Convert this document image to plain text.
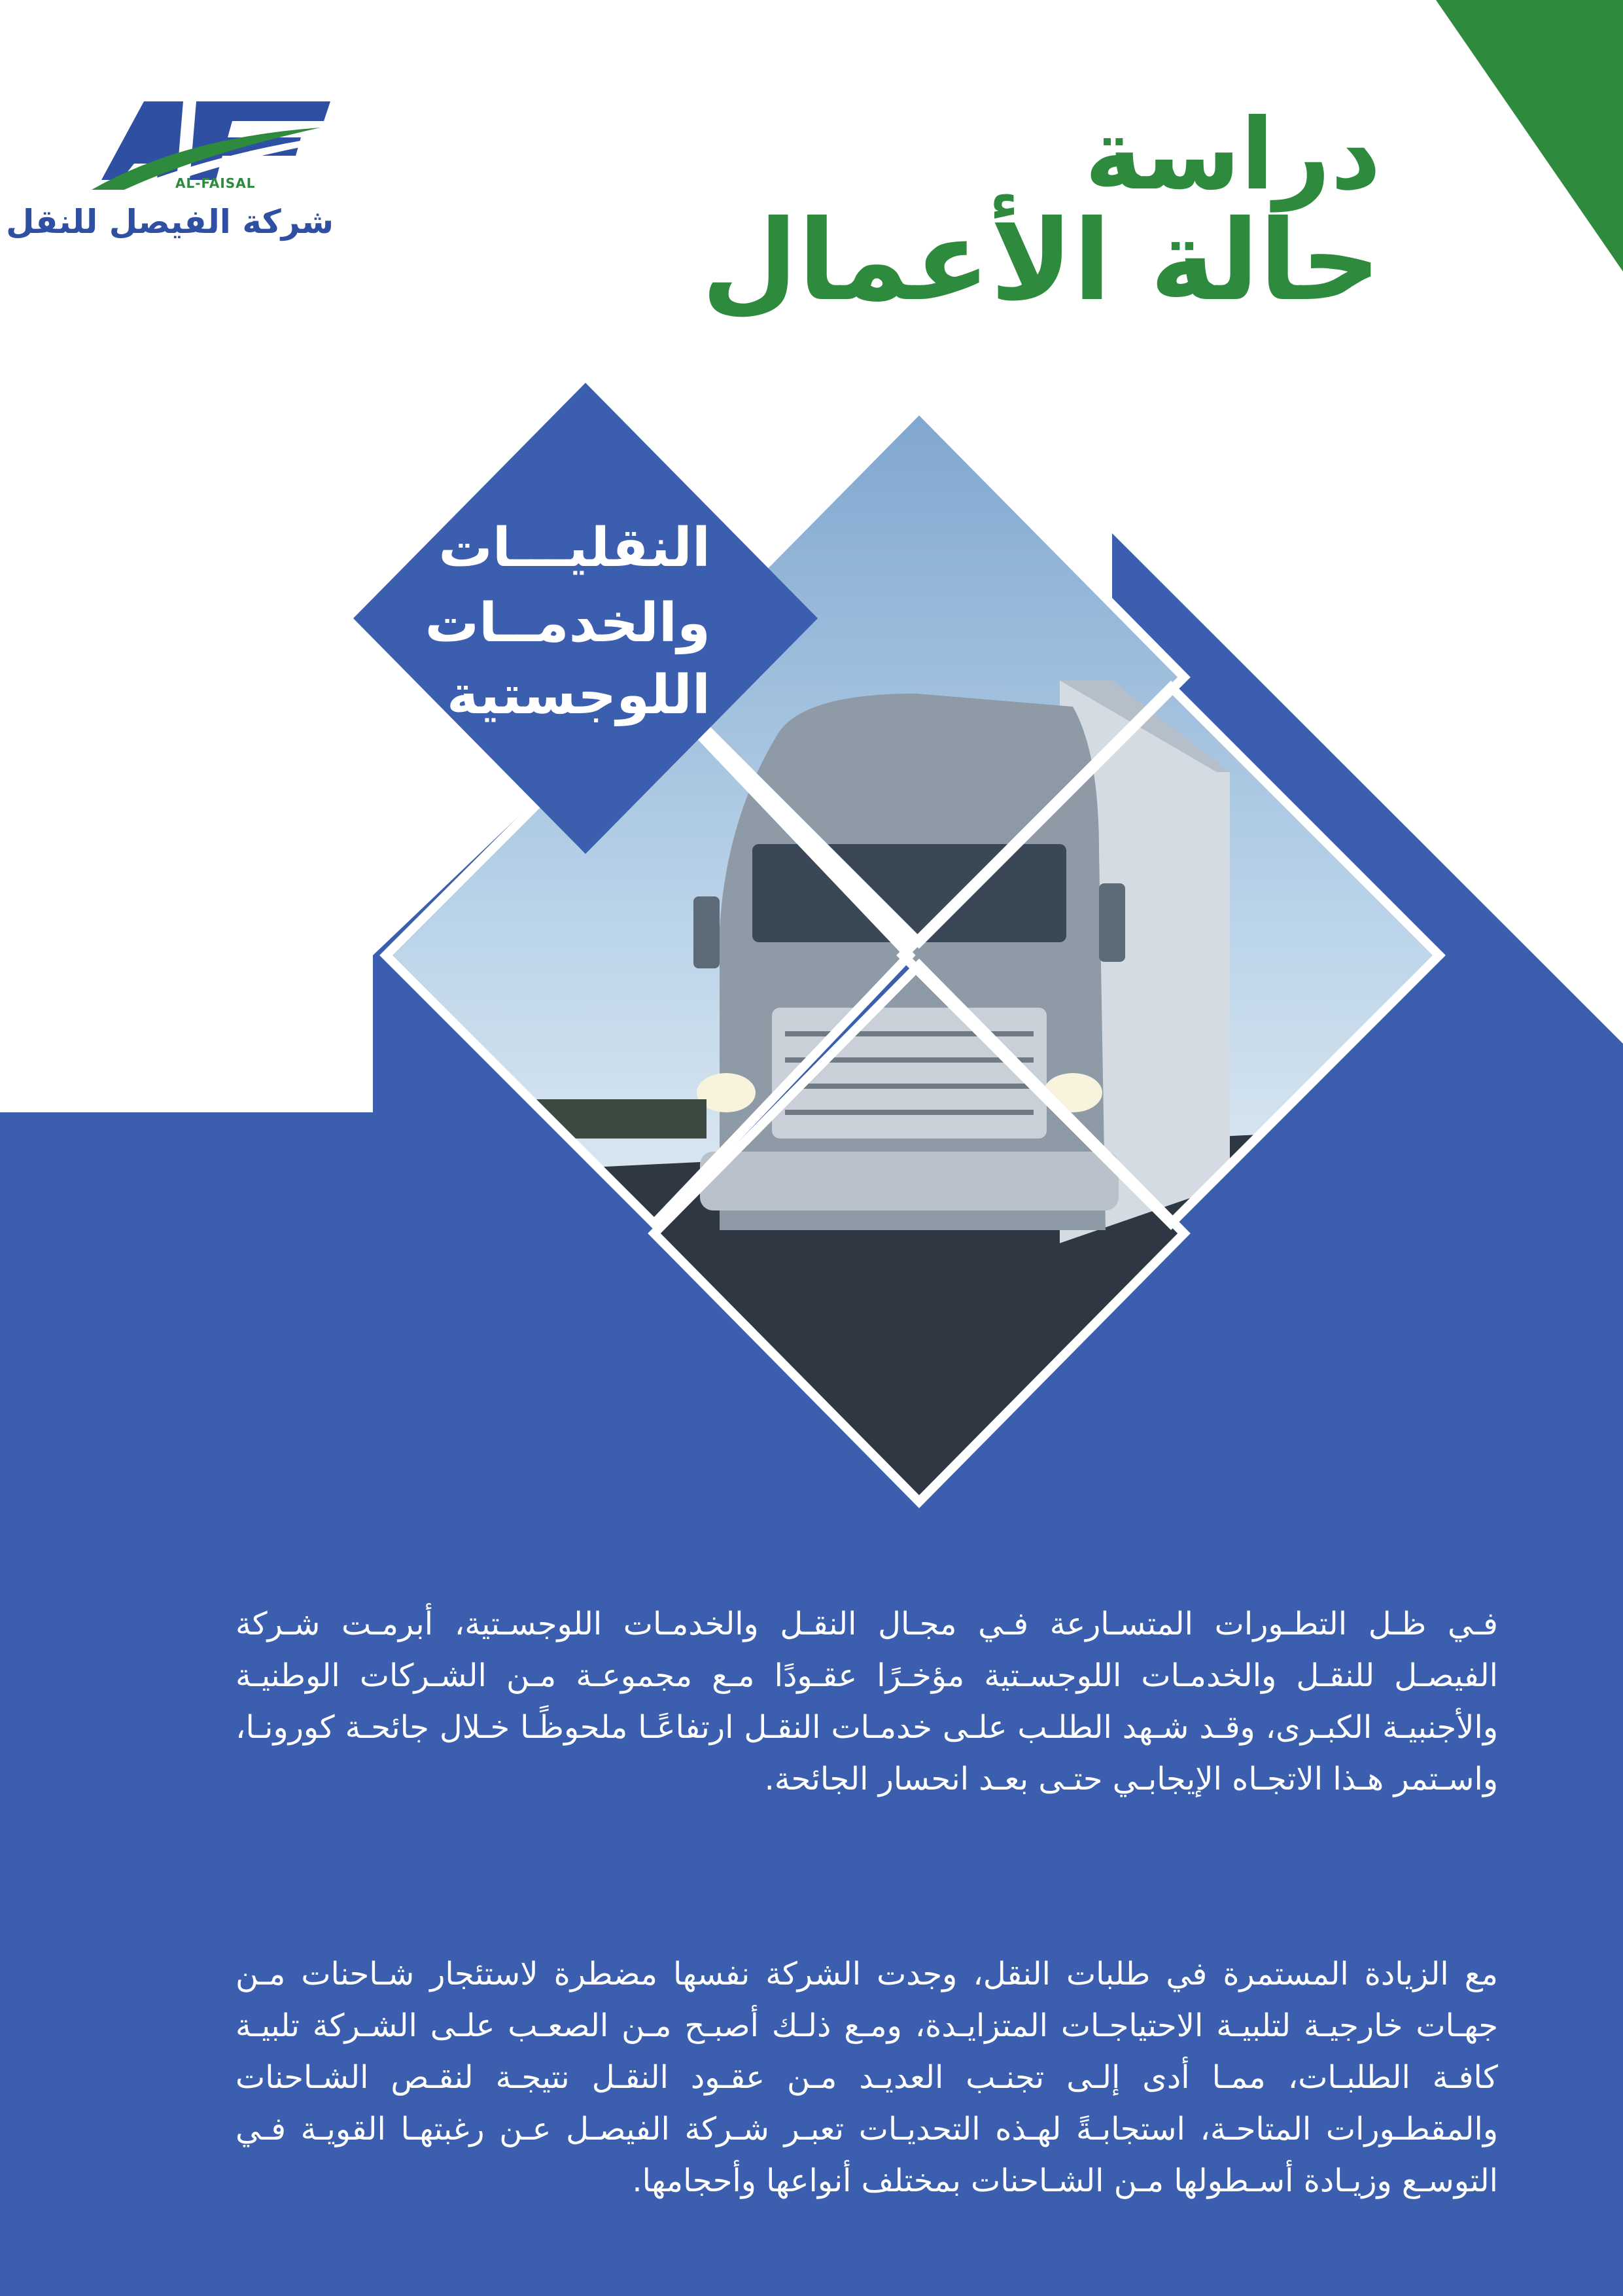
AL-FAISAL
شركة الفيصل للنقل
دراسة
حالة الأعمال
النقليـــات
والخدمــات
اللوجستية

فـي ظـل التطـورات المتسـارعة فـي مجـال النقـل والخدمـات اللوجسـتية، أبرمـت شـركة الفيصـل للنقـل والخدمـات اللوجسـتية مؤخـرًا عقـودًا مـع مجموعـة مـن الشـركات الوطنيـة والأجنبيـة الكبـرى، وقـد شـهد الطلـب علـى خدمـات النقـل ارتفاعًـا ملحوظًـا خـلال جائحـة كورونـا، واسـتمر هـذا الاتجـاه الإيجابـي حتـى بعـد انحسار الجائحة.

مع الزيادة المستمرة في طلبات النقل، وجدت الشركة نفسها مضطرة لاستئجار شـاحنات مـن جهـات خارجيـة لتلبيـة الاحتياجـات المتزايـدة، ومـع ذلـك أصبـح مـن الصعـب علـى الشـركة تلبيـة كافـة الطلبـات، ممـا أدى إلـى تجنـب العديـد مـن عقـود النقـل نتيجـة لنقـص الشـاحنات والمقطـورات المتاحـة، استجابـةً لهـذه التحديـات تعبـر شـركة الفيصـل عـن رغبتهـا القويـة فـي التوسـع وزيـادة أسـطولها مـن الشـاحنات بمختلف أنواعها وأحجامها.
